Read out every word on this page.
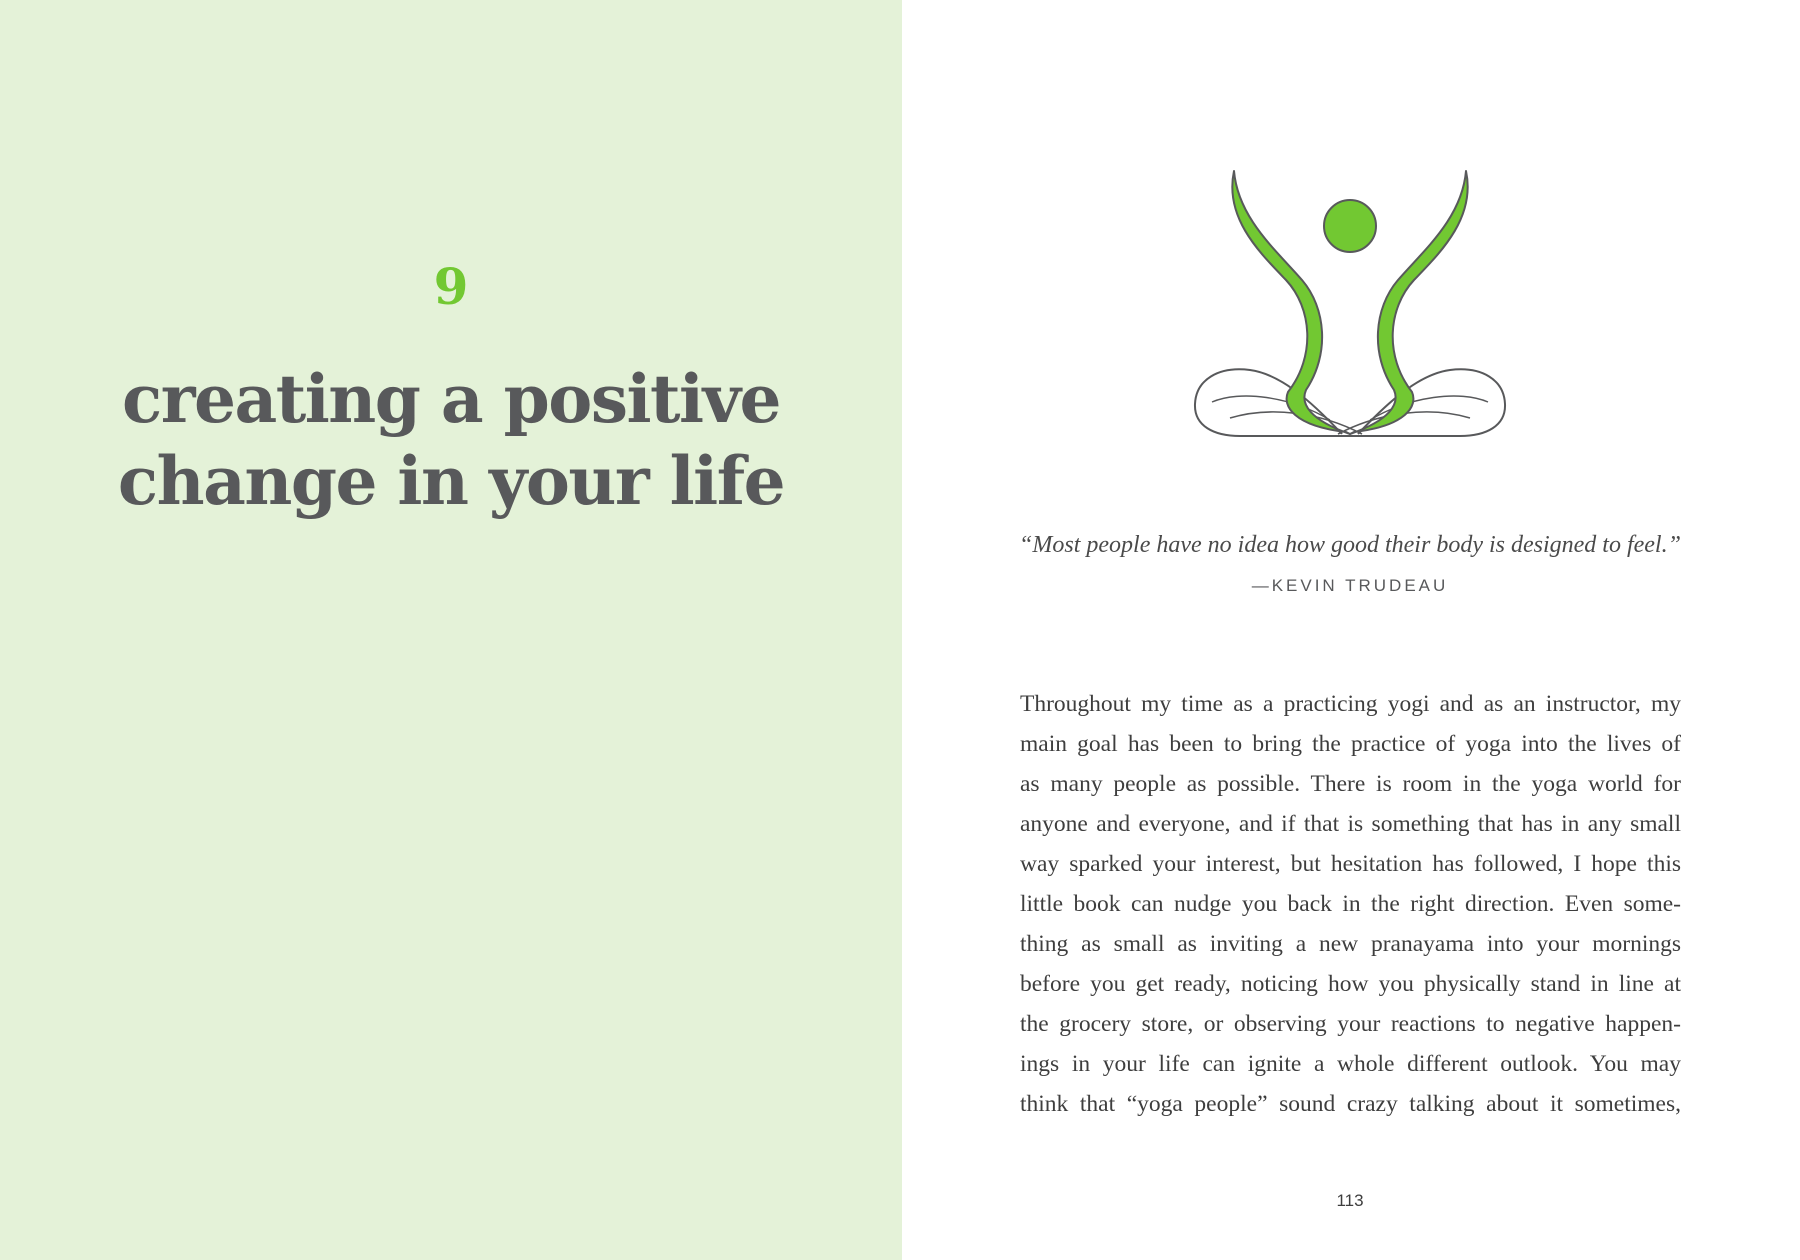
9
creating a positive
change in your life
“Most people have no idea how good their body is designed to feel.”
—KEVIN TRUDEAU
Throughout my time as a practicing yogi and as an instructor, my
main goal has been to bring the practice of yoga into the lives of
as many people as possible. There is room in the yoga world for
anyone and everyone, and if that is something that has in any small
way sparked your interest, but hesitation has followed, I hope this
little book can nudge you back in the right direction. Even some-
thing as small as inviting a new pranayama into your mornings
before you get ready, noticing how you physically stand in line at
the grocery store, or observing your reactions to negative happen-
ings in your life can ignite a whole different outlook. You may
think that “yoga people” sound crazy talking about it sometimes,
113
